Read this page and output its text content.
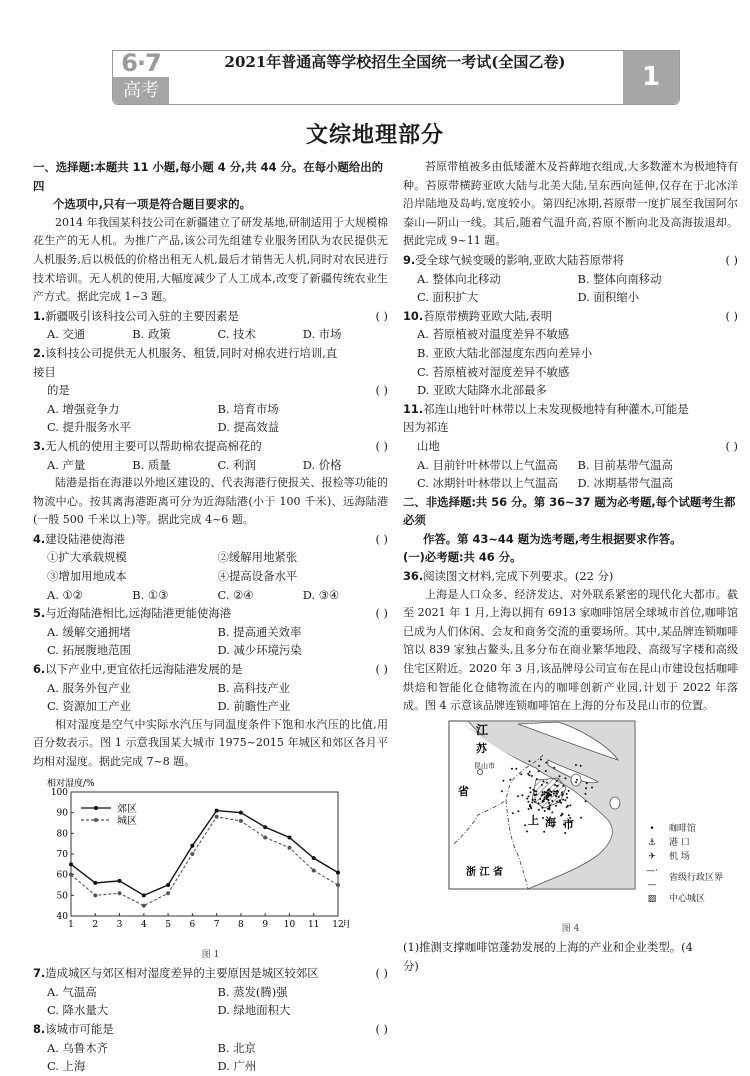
6·7
高考
2021年普通高等学校招生全国统一考试(全国乙卷)	1
文综地理部分
一、选择题:本题共 11 小题,每小题 4 分,共 44 分。在每小题给出的四
个选项中,只有一项是符合题目要求的。
2014 年我国某科技公司在新疆建立了研发基地,研制适用于大规模棉花生产的无人机。为推广产品,该公司先组建专业服务团队为农民提供无人机服务,后以极低的价格出租无人机,最后才销售无人机,同时对农民进行技术培训。无人机的使用,大幅度减少了人工成本,改变了新疆传统农业生产方式。据此完成 1~3 题。
1.新疆吸引该科技公司入驻的主要因素是	( )
A. 交通	B. 政策	C. 技术	D. 市场
2.该科技公司提供无人机服务、租赁,同时对棉农进行培训,直接目
的是	( )
A. 增强竞争力	B. 培育市场
C. 提升服务水平	D. 提高效益
3.无人机的使用主要可以帮助棉农提高棉花的	( )
A. 产量	B. 质量	C. 利润	D. 价格
陆港是指在海港以外地区建设的、代表海港行使报关、报检等功能的物流中心。按其离海港距离可分为近海陆港(小于 100 千米)、远海陆港(一般 500 千米以上)等。据此完成 4~6 题。
4.建设陆港使海港	( )
①扩大承载规模	②缓解用地紧张
③增加用地成本	④提高设备水平
A. ①②	B. ①③	C. ②④	D. ③④
5.与近海陆港相比,远海陆港更能使海港	( )
A. 缓解交通拥堵	B. 提高通关效率
C. 拓展腹地范围	D. 减少环境污染
6.以下产业中,更宜依托远海陆港发展的是	( )
A. 服务外包产业	B. 高科技产业
C. 资源加工产业	D. 前瞻性产业
相对湿度是空气中实际水汽压与同温度条件下饱和水汽压的比值,用百分数表示。图 1 示意我国某大城市 1975~2015 年城区和郊区各月平均相对湿度。据此完成 7~8 题。
相对湿度/%
40
50
60
70
80
90
100
1 2 3 4 5 6 7 8 9 10 11 12
月
郊区
城区
图 1
7.造成城区与郊区相对湿度差异的主要原因是城区较郊区	( )
A. 气温高	B. 蒸发(腾)强
C. 降水量大	D. 绿地面积大
8.该城市可能是	( )
A. 乌鲁木齐	B. 北京
C. 上海	D. 广州
苔原带植被多由低矮灌木及苔藓地衣组成,大多数灌木为极地特有种。苔原带横跨亚欧大陆与北美大陆,呈东西向延伸,仅存在于北冰洋沿岸陆地及岛屿,宽度较小。第四纪冰期,苔原带一度扩展至我国阿尔泰山—阴山一线。其后,随着气温升高,苔原不断向北及高海拔退却。据此完成 9~11 题。
9.受全球气候变暖的影响,亚欧大陆苔原带将	( )
A. 整体向北移动	B. 整体向南移动
C. 面积扩大	D. 面积缩小
10.苔原带横跨亚欧大陆,表明	( )
A. 苔原植被对温度差异不敏感
B. 亚欧大陆北部湿度东西向差异小
C. 苔原植被对湿度差异不敏感
D. 亚欧大陆降水北部最多
11.祁连山地针叶林带以上未发现极地特有种灌木,可能是因为祁连
山地	( )
A. 目前针叶林带以上气温高	B. 目前基带气温高
C. 冰期针叶林带以上气温高	D. 冰期基带气温高
二、非选择题:共 56 分。第 36~37 题为必考题,每个试题考生都必须
作答。第 43~44 题为选考题,考生根据要求作答。
(一)必考题:共 46 分。
36.阅读图文材料,完成下列要求。(22 分)
上海是人口众多、经济发达、对外联系紧密的现代化大都市。截至 2021 年 1 月,上海以拥有 6913 家咖啡馆居全球城市首位,咖啡馆已成为人们休闲、会友和商务交流的重要场所。其中,某品牌连锁咖啡馆以 839 家独占鳌头,且多分布在商业繁华地段、高级写字楼和高级住宅区附近。2020 年 3 月,该品牌母公司宣布在昆山市建设包括咖啡烘焙和智能化仓储物流在内的咖啡创新产业园,计划于 2022 年落成。图 4 示意该品牌连锁咖啡馆在上海的分布及昆山市的位置。
江
苏
省
昆山市
上 海 市
浙 江 省
•	咖啡馆
⚓	港 口
✈	机 场
—·—
省级行政区界
▨	中心城区
图 4
(1)推测支撑咖啡馆蓬勃发展的上海的产业和企业类型。(4 分)
